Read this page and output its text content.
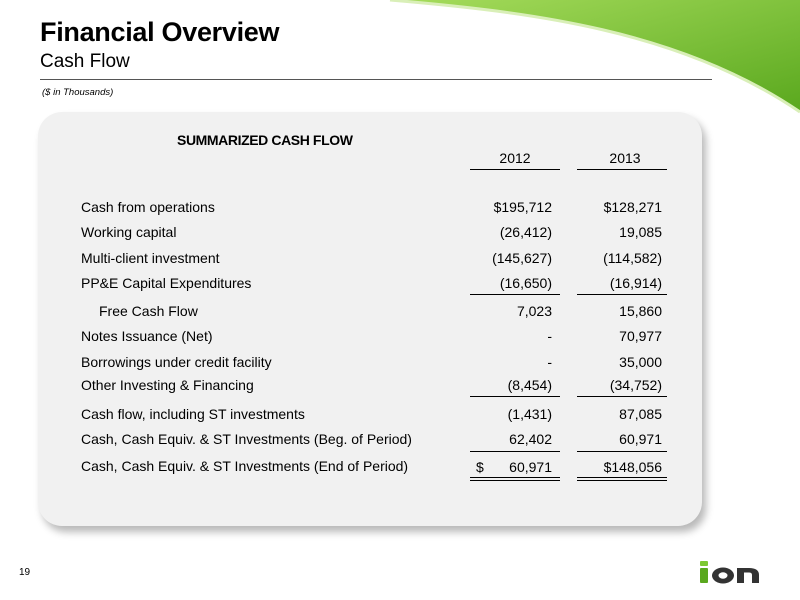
Financial Overview
Cash Flow
($ in Thousands)
SUMMARIZED CASH FLOW
2012	2013
Cash from operations	$195,712	$128,271
Working capital	(26,412)	19,085
Multi-client investment	(145,627)	(114,582)
PP&E Capital Expenditures	(16,650)	(16,914)
Free Cash Flow	7,023	15,860
Notes Issuance (Net)	-	70,977
Borrowings under credit facility	-	35,000
Other Investing & Financing	(8,454)	(34,752)
Cash flow, including ST investments	(1,431)	87,085
Cash, Cash Equiv. & ST Investments (Beg. of Period)	62,402	60,971
Cash, Cash Equiv. & ST Investments (End of Period)	$ 60,971	$148,056
19
